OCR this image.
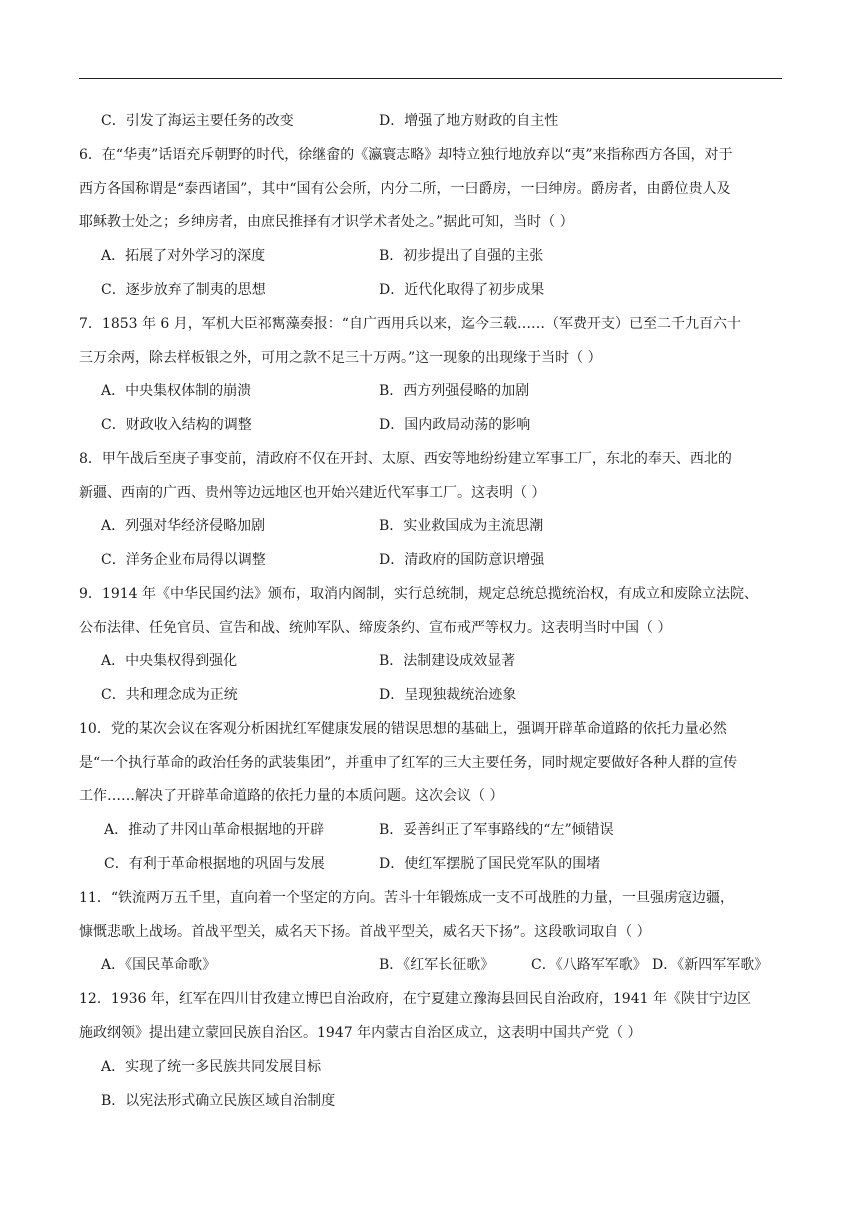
C．引发了海运主要任务的改变	D．增强了地方财政的自主性
6．在“华夷”话语充斥朝野的时代，徐继畲的《瀛寰志略》却特立独行地放弃以“夷”来指称西方各国，对于
西方各国称谓是“泰西诸国”，其中“国有公会所，内分二所，一曰爵房，一曰绅房。爵房者，由爵位贵人及
耶稣教士处之；乡绅房者，由庶民推择有才识学术者处之。”据此可知，当时（ ）
A．拓展了对外学习的深度	B．初步提出了自强的主张
C．逐步放弃了制夷的思想	D．近代化取得了初步成果
7．1853 年 6 月，军机大臣祁寯藻奏报：“自广西用兵以来，迄今三载……（军费开支）已至二千九百六十
三万余两，除去样板银之外，可用之款不足三十万两。”这一现象的出现缘于当时（ ）
A．中央集权体制的崩溃	B．西方列强侵略的加剧
C．财政收入结构的调整	D．国内政局动荡的影响
8．甲午战后至庚子事变前，清政府不仅在开封、太原、西安等地纷纷建立军事工厂，东北的奉天、西北的
新疆、西南的广西、贵州等边远地区也开始兴建近代军事工厂。这表明（ ）
A．列强对华经济侵略加剧	B．实业救国成为主流思潮
C．洋务企业布局得以调整	D．清政府的国防意识增强
9．1914 年《中华民国约法》颁布，取消内阁制，实行总统制，规定总统总揽统治权，有成立和废除立法院、
公布法律、任免官员、宣告和战、统帅军队、缔废条约、宣布戒严等权力。这表明当时中国（ ）
A．中央集权得到强化	B．法制建设成效显著
C．共和理念成为正统	D．呈现独裁统治迹象
10．党的某次会议在客观分析困扰红军健康发展的错误思想的基础上，强调开辟革命道路的依托力量必然
是“一个执行革命的政治任务的武装集团”，并重申了红军的三大主要任务，同时规定要做好各种人群的宣传
工作……解决了开辟革命道路的依托力量的本质问题。这次会议（ ）
A．推动了井冈山革命根据地的开辟	B．妥善纠正了军事路线的“左”倾错误
C．有利于革命根据地的巩固与发展	D．使红军摆脱了国民党军队的围堵
11．“铁流两万五千里，直向着一个坚定的方向。苦斗十年锻炼成一支不可战胜的力量，一旦强虏寇边疆，
慷慨悲歌上战场。首战平型关，威名天下扬。首战平型关，威名天下扬”。这段歌词取自（ ）
A．《国民革命歌》	B．《红军长征歌》	C．《八路军军歌》 D．《新四军军歌》
12．1936 年，红军在四川甘孜建立博巴自治政府，在宁夏建立豫海县回民自治政府，1941 年《陕甘宁边区
施政纲领》提出建立蒙回民族自治区。1947 年内蒙古自治区成立，这表明中国共产党（ ）
A．实现了统一多民族共同发展目标
B．以宪法形式确立民族区域自治制度
